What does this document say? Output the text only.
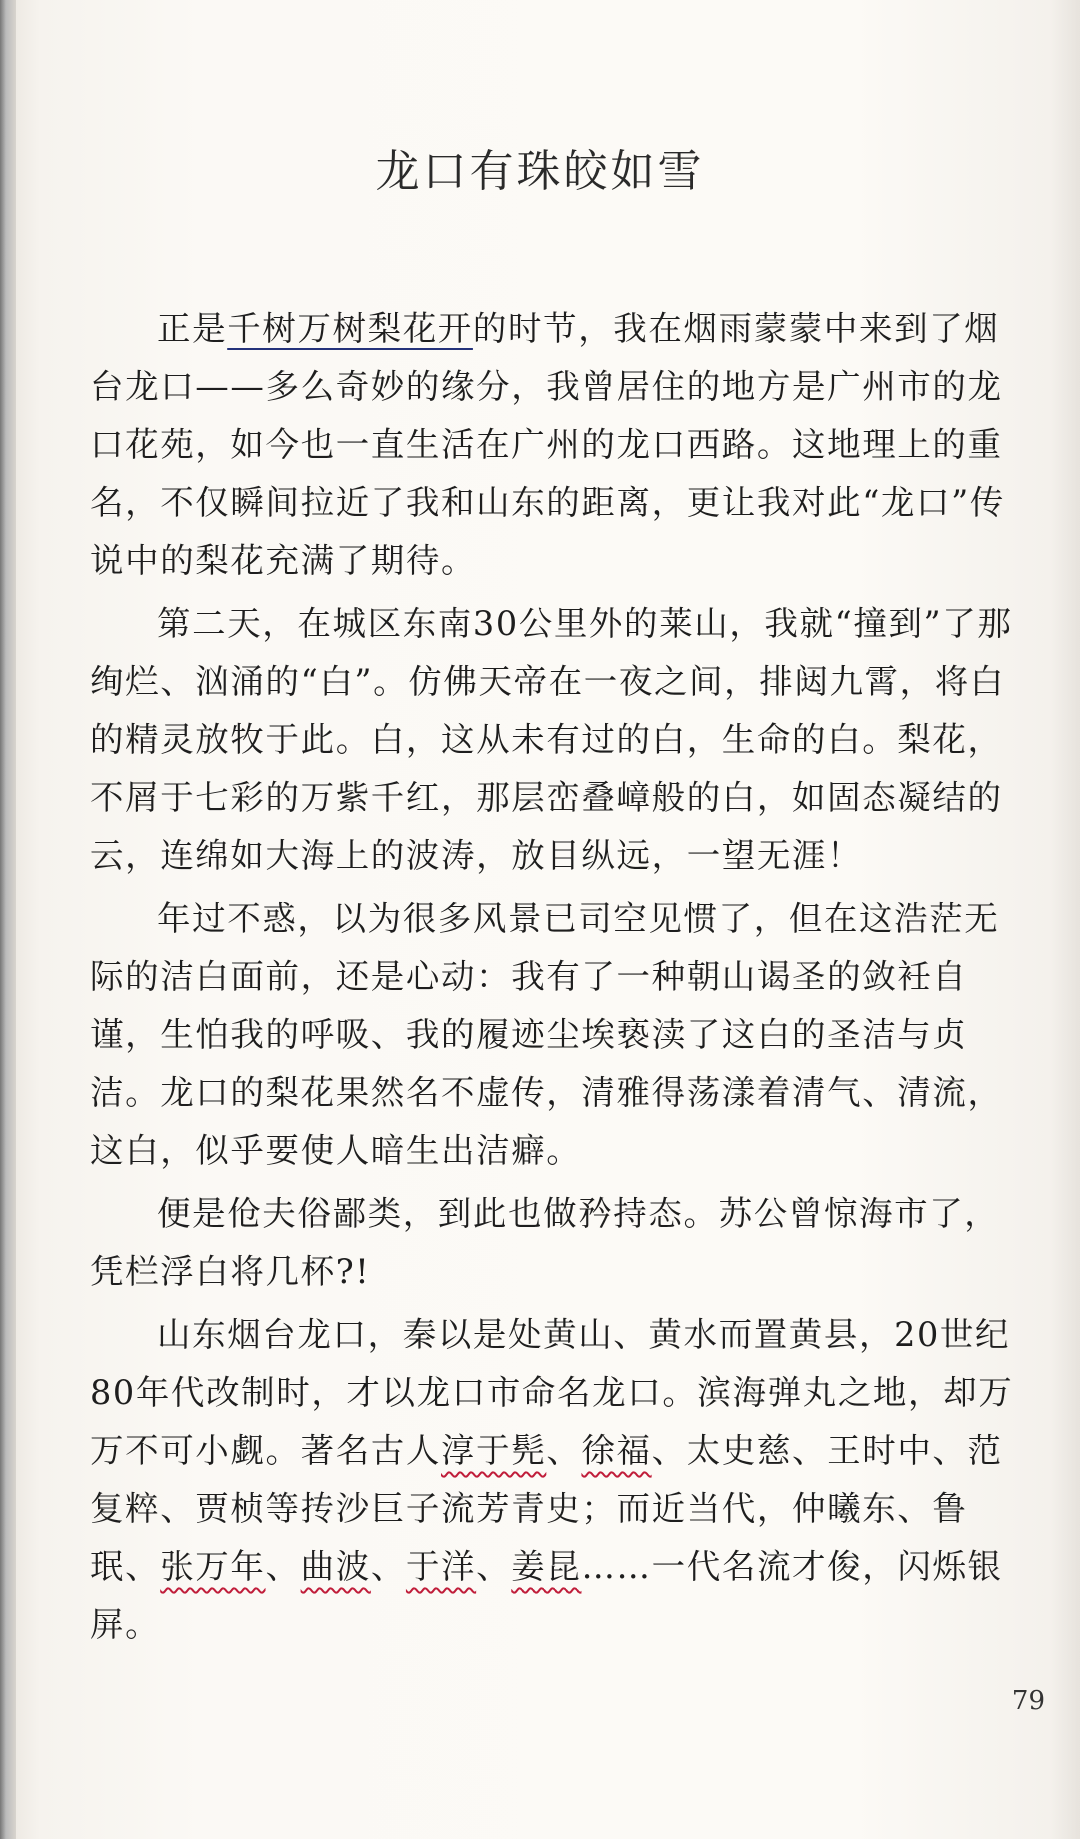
龙口有珠皎如雪

正是千树万树梨花开的时节，我在烟雨蒙蒙中来到了烟台龙口——多么奇妙的缘分，我曾居住的地方是广州市的龙口花苑，如今也一直生活在广州的龙口西路。这地理上的重名，不仅瞬间拉近了我和山东的距离，更让我对此“龙口”传说中的梨花充满了期待。

第二天，在城区东南30公里外的莱山，我就“撞到”了那绚烂、汹涌的“白”。仿佛天帝在一夜之间，排闼九霄，将白的精灵放牧于此。白，这从未有过的白，生命的白。梨花，不屑于七彩的万紫千红，那层峦叠嶂般的白，如固态凝结的云，连绵如大海上的波涛，放目纵远，一望无涯！

年过不惑，以为很多风景已司空见惯了，但在这浩茫无际的洁白面前，还是心动：我有了一种朝山谒圣的敛衽自谨，生怕我的呼吸、我的履迹尘埃亵渎了这白的圣洁与贞洁。龙口的梨花果然名不虚传，清雅得荡漾着清气、清流，这白，似乎要使人暗生出洁癖。

便是伧夫俗鄙类，到此也做矜持态。苏公曾惊海市了，凭栏浮白将几杯?!

山东烟台龙口，秦以是处黄山、黄水而置黄县，20世纪80年代改制时，才以龙口市命名龙口。滨海弹丸之地，却万万不可小觑。著名古人淳于髡、徐福、太史慈、王时中、范复粹、贾桢等抟沙巨子流芳青史；而近当代，仲曦东、鲁珉、张万年、曲波、于洋、姜昆……一代名流才俊，闪烁银屏。

79
